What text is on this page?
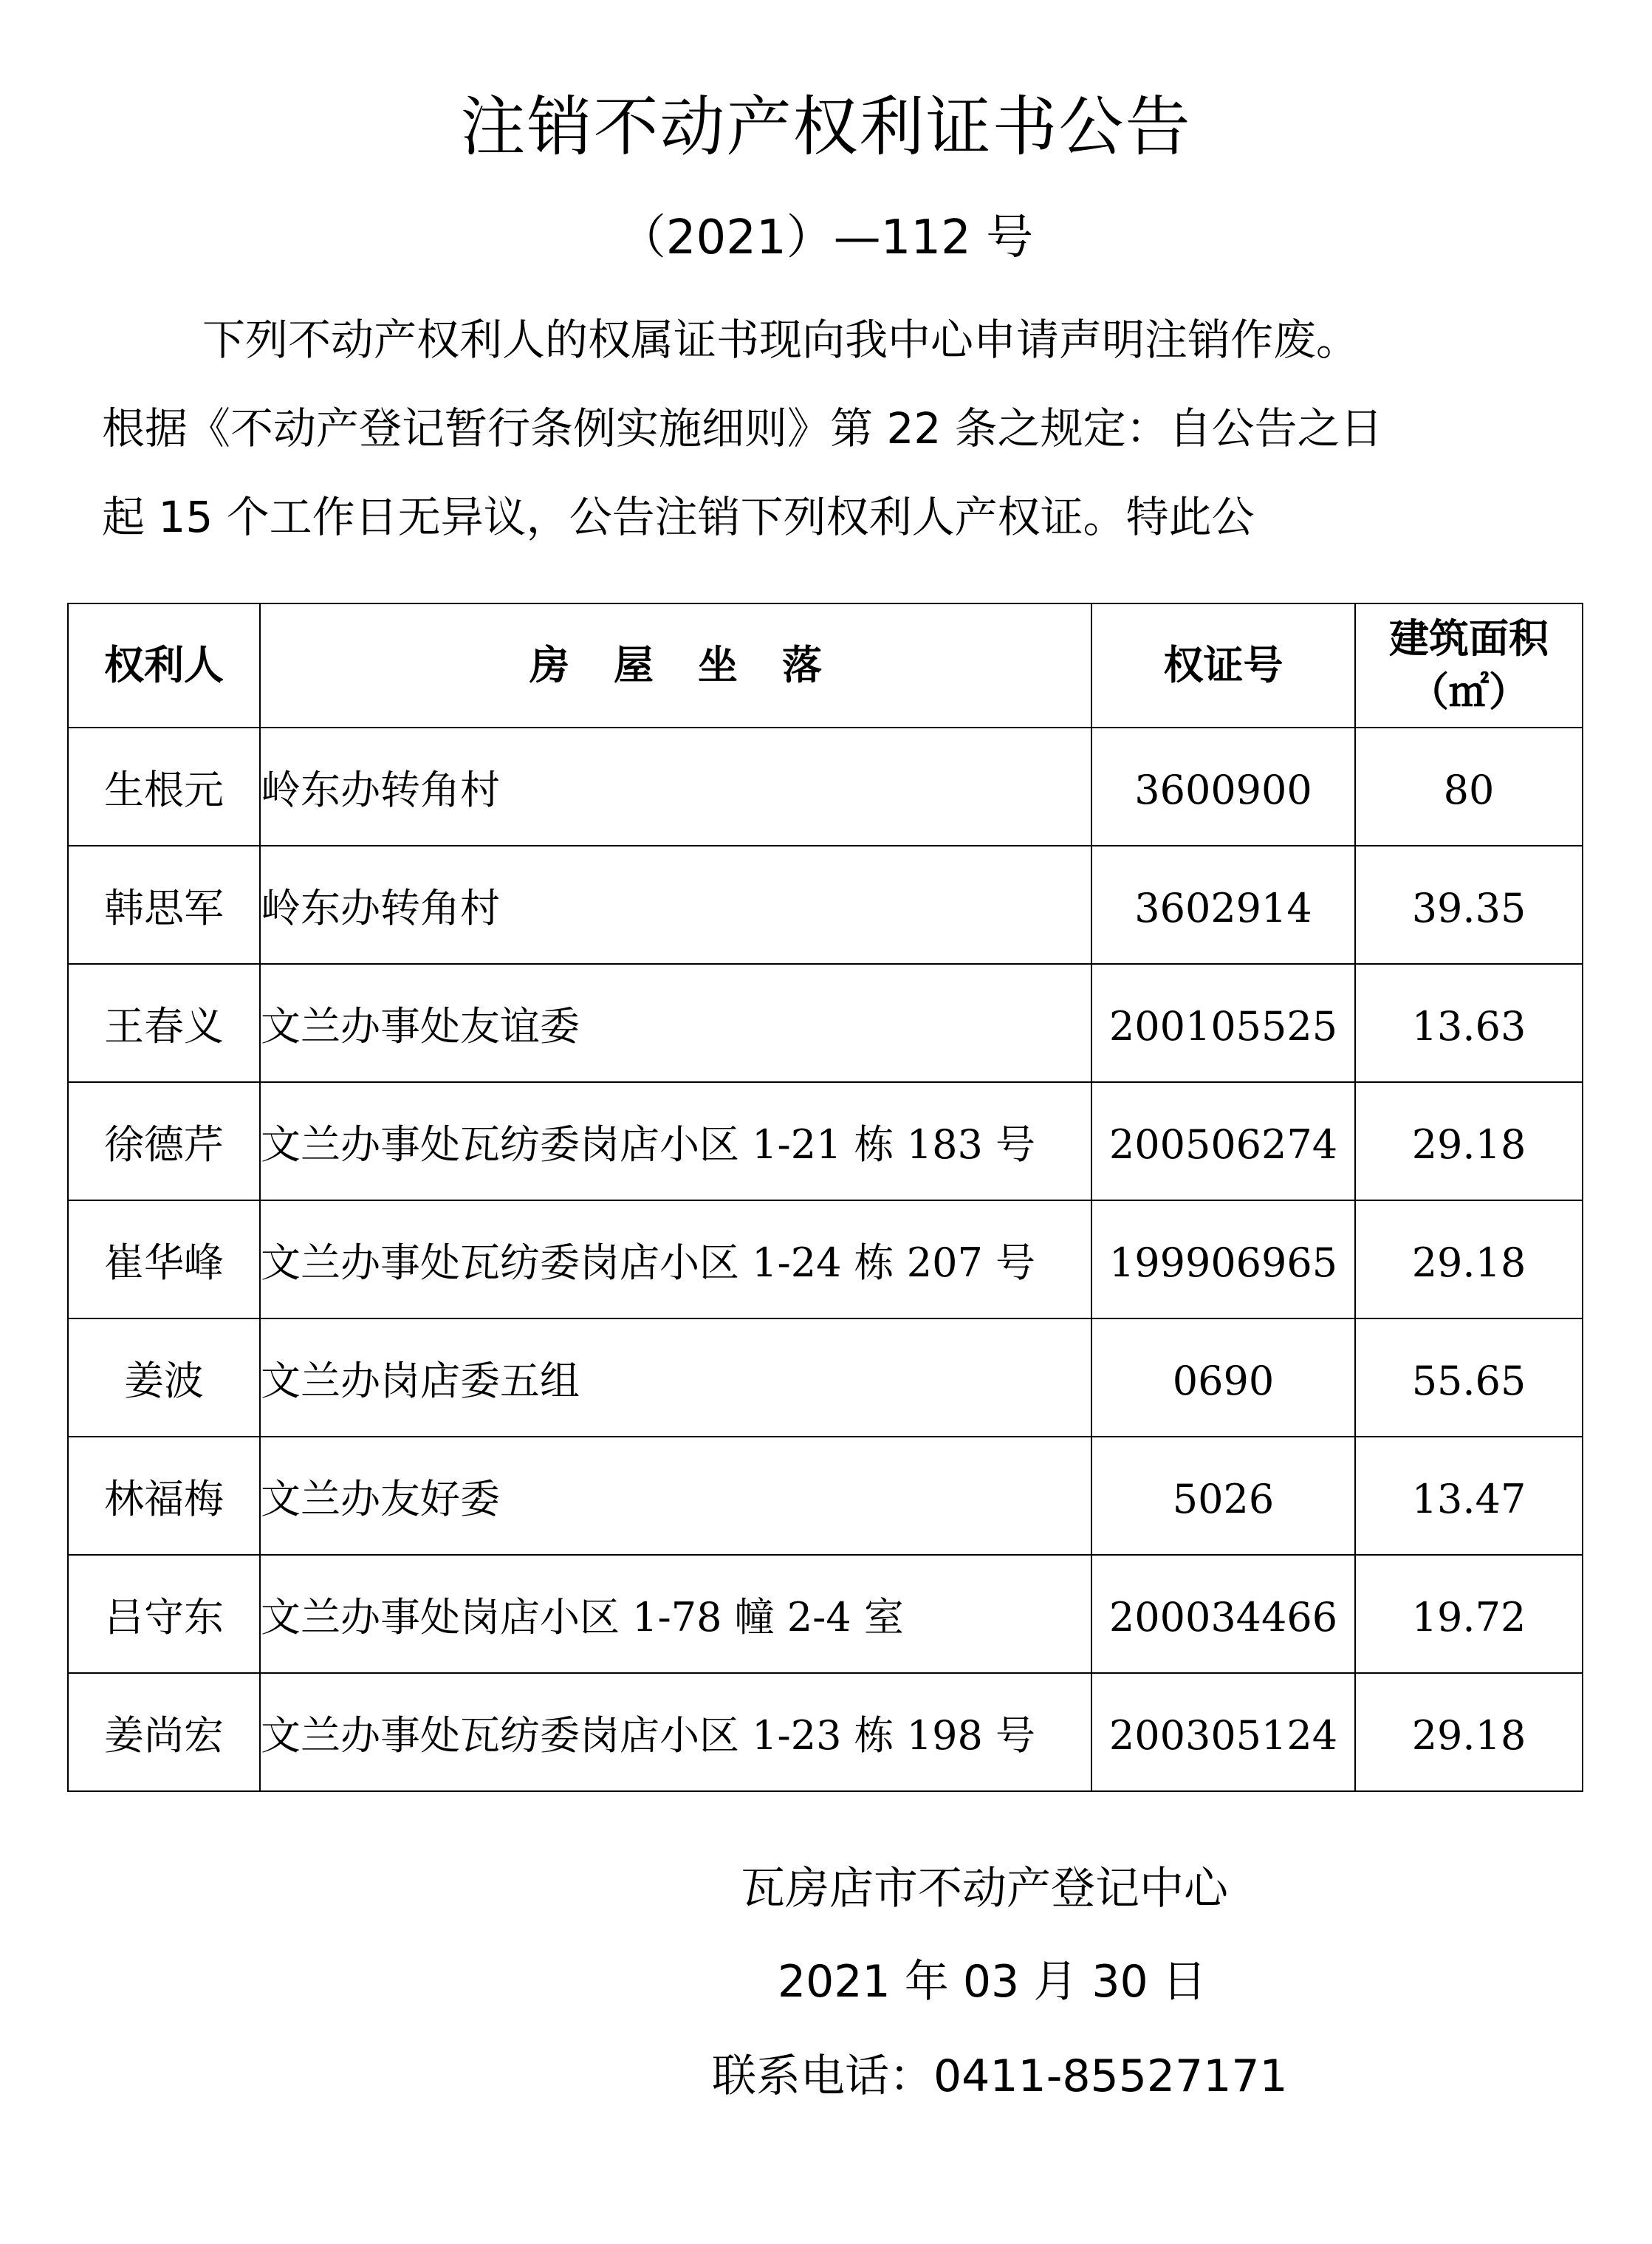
注销不动产权利证书公告
（2021）—112 号
下列不动产权利人的权属证书现向我中心申请声明注销作废。
根据《不动产登记暂行条例实施细则》第 22 条之规定：自公告之日
起 15 个工作日无异议，公告注销下列权利人产权证。特此公
权利人	房屋坐落	权证号	建筑面积
（㎡）

生根元	岭东办转角村	3600900	80
韩思军	岭东办转角村	3602914	39.35
王春义	文兰办事处友谊委	200105525	13.63
徐德芹	文兰办事处瓦纺委岗店小区 1-21 栋 183 号	200506274	29.18
崔华峰	文兰办事处瓦纺委岗店小区 1-24 栋 207 号	199906965	29.18
姜波	文兰办岗店委五组	0690	55.65
林福梅	文兰办友好委	5026	13.47
吕守东	文兰办事处岗店小区 1-78 幢 2-4 室	200034466	19.72
姜尚宏	文兰办事处瓦纺委岗店小区 1-23 栋 198 号	200305124	29.18
瓦房店市不动产登记中心
2021 年 03 月 30 日
联系电话：0411-85527171
